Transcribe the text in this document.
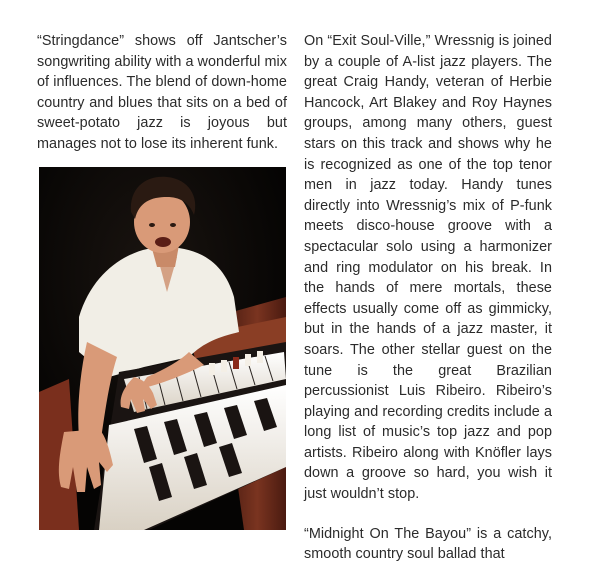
“Stringdance” shows off Jantscher’s songwriting ability with a wonderful mix of influences. The blend of down-home country and blues that sits on a bed of sweet-potato jazz is joyous but manages not to lose its inherent funk.

On “Exit Soul-Ville,” Wressnig is joined by a couple of A-list jazz players. The great Craig Handy, veteran of Herbie Hancock, Art Blakey and Roy Haynes groups, among many others, guest stars on this track and shows why he is recognized as one of the top tenor men in jazz today. Handy tunes directly into Wressnig’s mix of P-funk meets disco-house groove with a spectacular solo using a harmonizer and ring modulator on his break. In the hands of mere mortals, these effects usually come off as gimmicky, but in the hands of a jazz master, it soars. The other stellar guest on the tune is the great Brazilian percussionist Luis Ribeiro. Ribeiro’s playing and recording credits include a long list of music’s top jazz and pop artists. Ribeiro along with Knöfler lays down a groove so hard, you wish it just wouldn’t stop.

“Midnight On The Bayou” is a catchy, smooth country soul ballad that
